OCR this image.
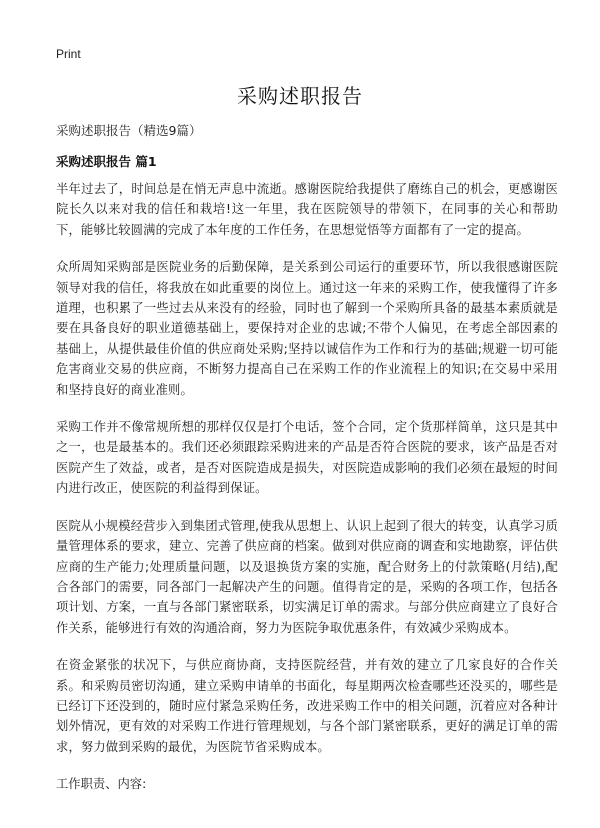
Print
采购述职报告
采购述职报告（精选9篇）
采购述职报告 篇1

半年过去了，时间总是在悄无声息中流逝。感谢医院给我提供了磨练自己的机会，更感谢医院长久以来对我的信任和栽培!这一年里，我在医院领导的带领下，在同事的关心和帮助下，能够比较圆满的完成了本年度的工作任务，在思想觉悟等方面都有了一定的提高。

众所周知采购部是医院业务的后勤保障，是关系到公司运行的重要环节，所以我很感谢医院领导对我的信任，将我放在如此重要的岗位上。通过这一年来的采购工作，使我懂得了许多道理，也积累了一些过去从来没有的经验，同时也了解到一个采购所具备的最基本素质就是要在具备良好的职业道德基础上，要保持对企业的忠诚;不带个人偏见，在考虑全部因素的基础上，从提供最佳价值的供应商处采购;坚持以诚信作为工作和行为的基础;规避一切可能危害商业交易的供应商，不断努力提高自己在采购工作的作业流程上的知识;在交易中采用和坚持良好的商业准则。

采购工作并不像常规所想的那样仅仅是打个电话，签个合同，定个货那样简单，这只是其中之一，也是最基本的。我们还必须跟踪采购进来的产品是否符合医院的要求，该产品是否对医院产生了效益，或者，是否对医院造成是损失，对医院造成影响的我们必须在最短的时间内进行改正，使医院的利益得到保证。

医院从小规模经营步入到集团式管理,使我从思想上、认识上起到了很大的转变，认真学习质量管理体系的要求，建立、完善了供应商的档案。做到对供应商的调查和实地勘察，评估供应商的生产能力;处理质量问题，以及退换货方案的实施，配合财务上的付款策略(月结),配合各部门的需要，同各部门一起解决产生的问题。值得肯定的是，采购的各项工作，包括各项计划、方案，一直与各部门紧密联系，切实满足订单的需求。与部分供应商建立了良好合作关系，能够进行有效的沟通洽商，努力为医院争取优惠条件，有效减少采购成本。

在资金紧张的状况下，与供应商协商，支持医院经营，并有效的建立了几家良好的合作关系。和采购员密切沟通，建立采购申请单的书面化，每星期两次检查哪些还没买的，哪些是已经订下还没到的，随时应付紧急采购任务，改进采购工作中的相关问题，沉着应对各种计划外情况，更有效的对采购工作进行管理规划，与各个部门紧密联系，更好的满足订单的需求，努力做到采购的最优，为医院节省采购成本。

工作职责、内容:
